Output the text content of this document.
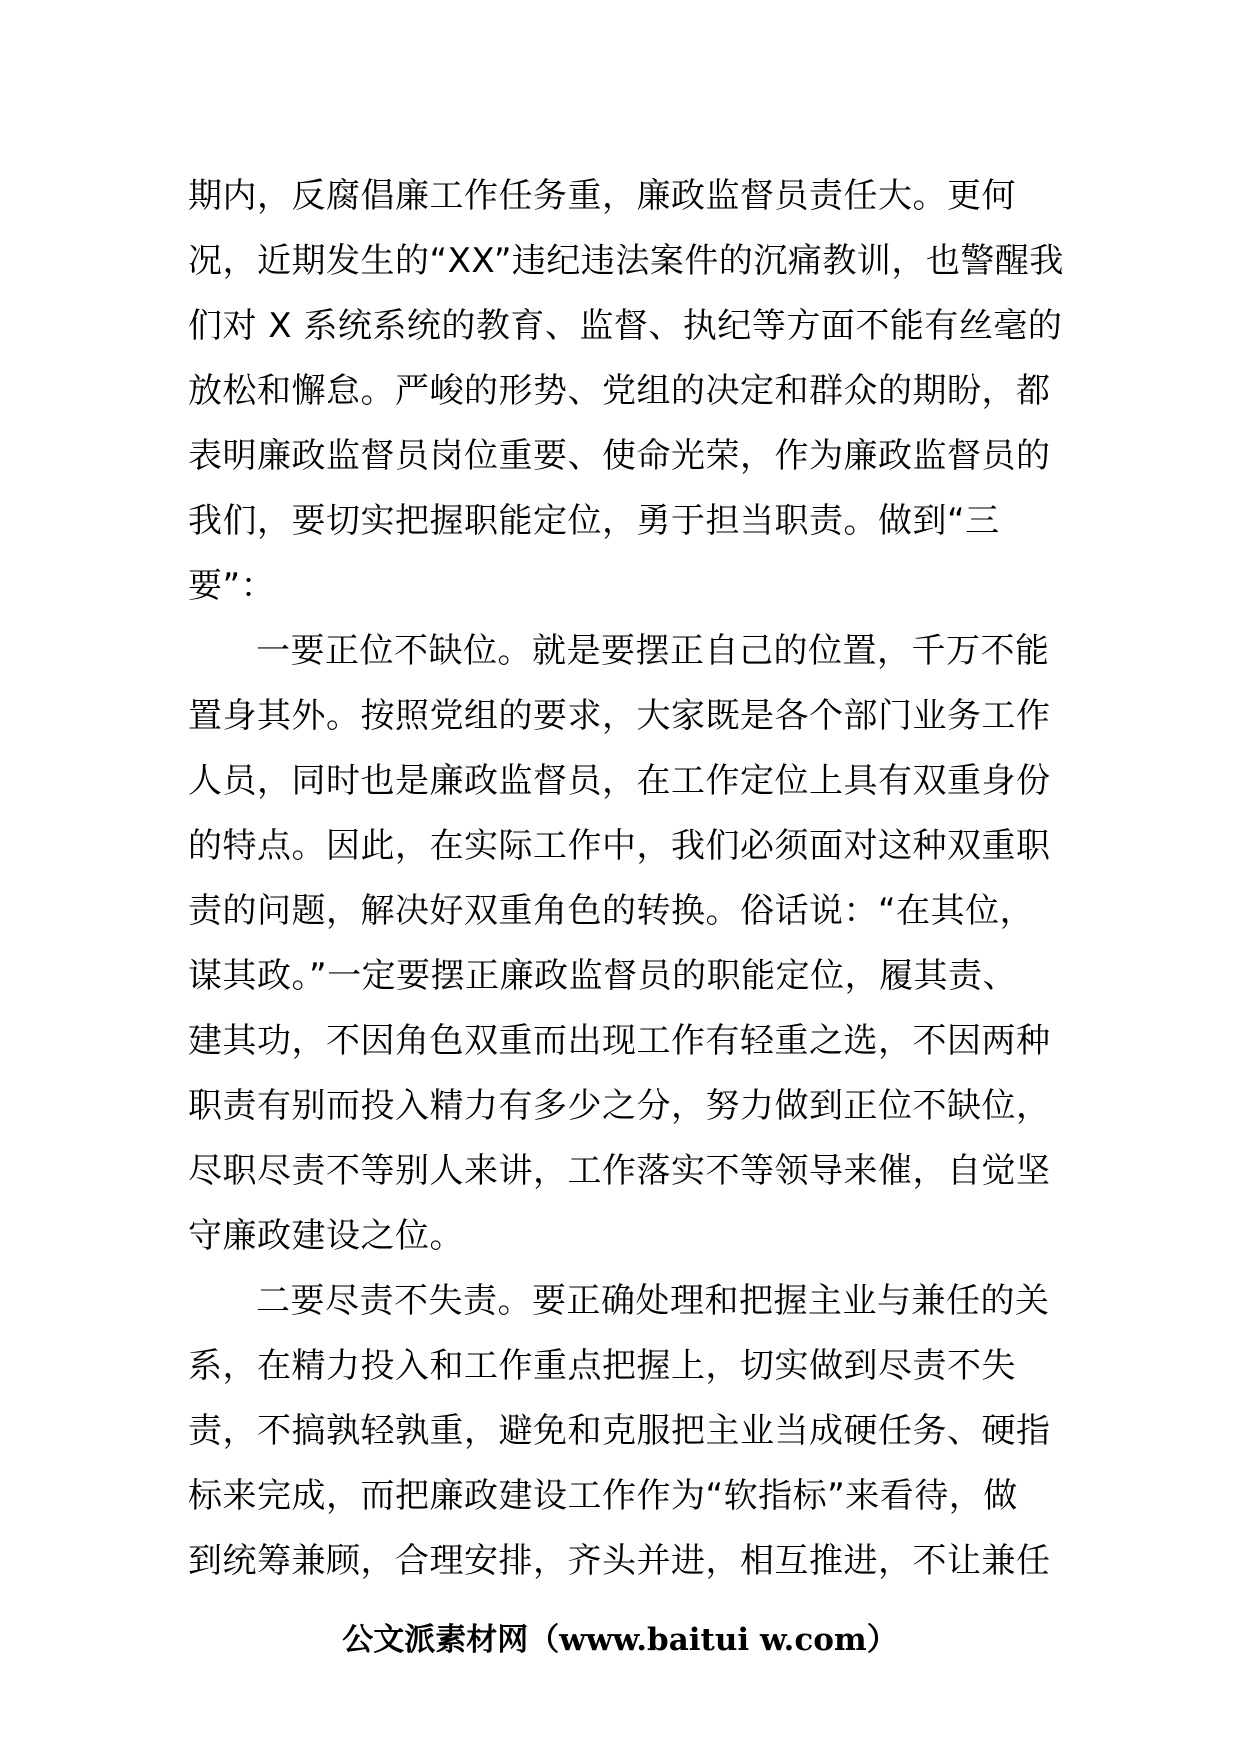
期内，反腐倡廉工作任务重，廉政监督员责任大。更何
况，近期发生的“XX”违纪违法案件的沉痛教训，也警醒我
们对 X 系统系统的教育、监督、执纪等方面不能有丝毫的
放松和懈怠。严峻的形势、党组的决定和群众的期盼，都
表明廉政监督员岗位重要、使命光荣，作为廉政监督员的
我们，要切实把握职能定位，勇于担当职责。做到“三
要”：
一要正位不缺位。就是要摆正自己的位置，千万不能
置身其外。按照党组的要求，大家既是各个部门业务工作
人员，同时也是廉政监督员，在工作定位上具有双重身份
的特点。因此，在实际工作中，我们必须面对这种双重职
责的问题，解决好双重角色的转换。俗话说：“在其位，
谋其政。”一定要摆正廉政监督员的职能定位，履其责、
建其功，不因角色双重而出现工作有轻重之选，不因两种
职责有别而投入精力有多少之分，努力做到正位不缺位，
尽职尽责不等别人来讲，工作落实不等领导来催，自觉坚
守廉政建设之位。
二要尽责不失责。要正确处理和把握主业与兼任的关
系，在精力投入和工作重点把握上，切实做到尽责不失
责，不搞孰轻孰重，避免和克服把主业当成硬任务、硬指
标来完成，而把廉政建设工作作为“软指标”来看待，做
到统筹兼顾，合理安排，齐头并进，相互推进，不让兼任
公文派素材网（www.baitui w.com）
